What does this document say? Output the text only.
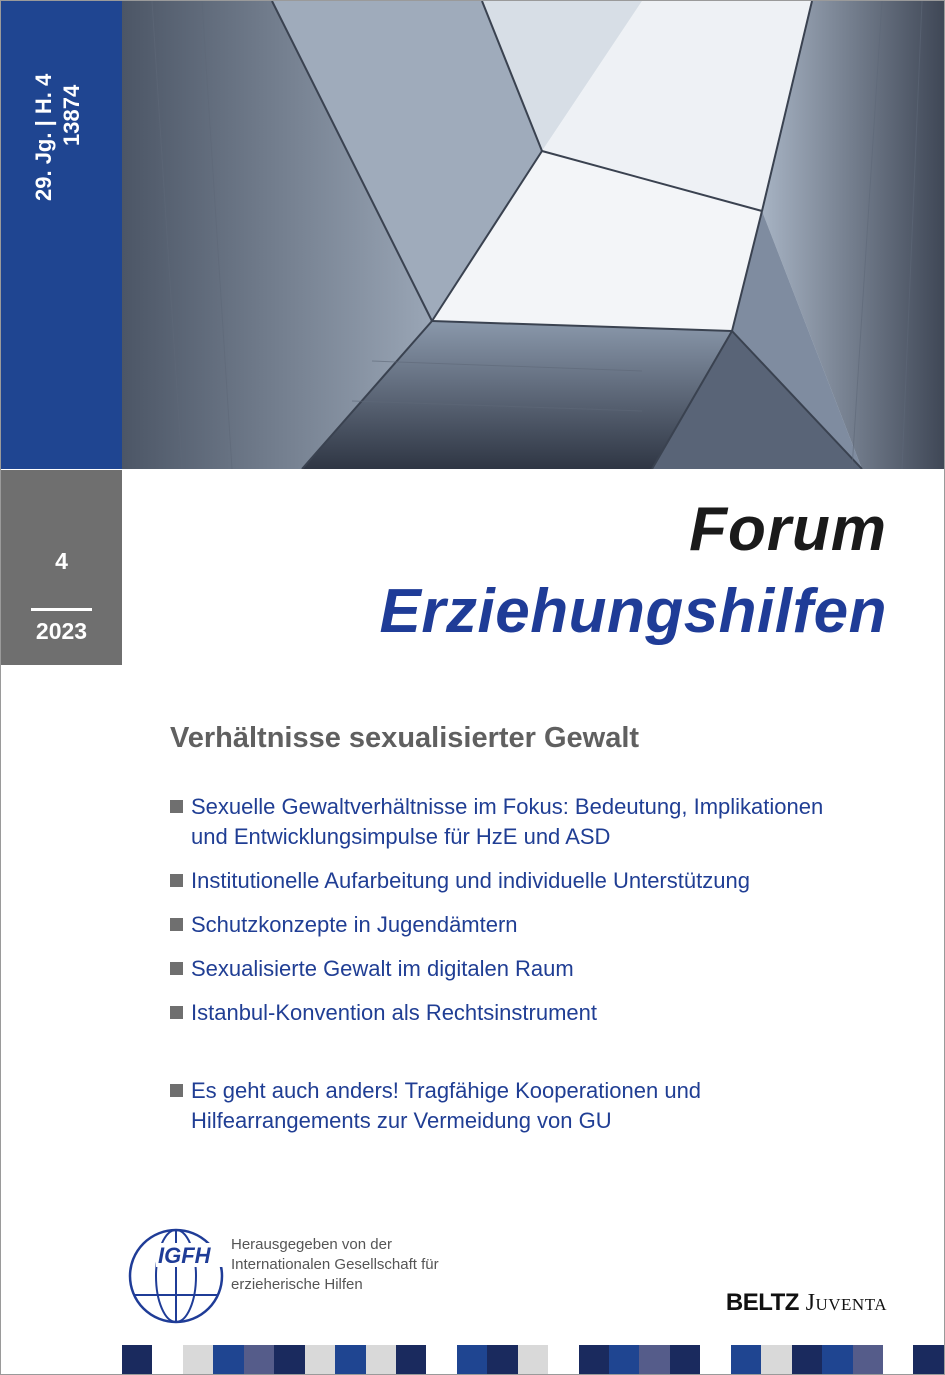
29. Jg. | H. 4 13874
4
2023
Forum
Erziehungshilfen
Verhältnisse sexualisierter Gewalt
Sexuelle Gewaltverhältnisse im Fokus: Bedeutung, Implikationen
und Entwicklungsimpulse für HzE und ASD
Institutionelle Aufarbeitung und individuelle Unterstützung
Schutzkonzepte in Jugendämtern
Sexualisierte Gewalt im digitalen Raum
Istanbul-Konvention als Rechtsinstrument
Es geht auch anders! Tragfähige Kooperationen und
Hilfearrangements zur Vermeidung von GU
IGFH Herausgegeben von der
Internationalen Gesellschaft für
erzieherische Hilfen
BELTZ Juventa
